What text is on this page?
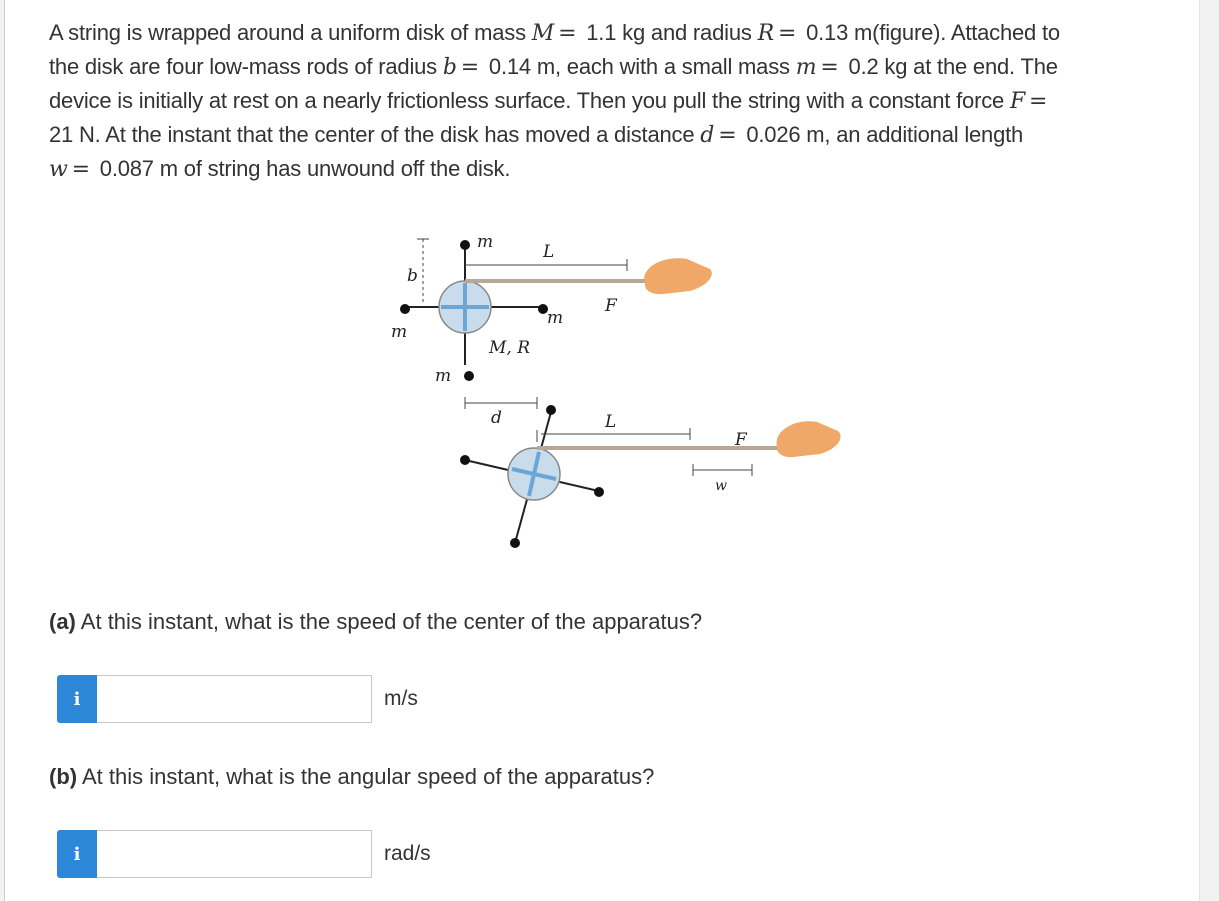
A string is wrapped around a uniform disk of mass M = 1.1 kg and radius R = 0.13 m(figure). Attached to

the disk are four low-mass rods of radius b = 0.14 m, each with a small mass m = 0.2 kg at the end. The

device is initially at rest on a nearly frictionless surface. Then you pull the string with a constant force F =

21 N. At the instant that the center of the disk has moved a distance d = 0.026 m, an additional length

w = 0.087 m of string has unwound off the disk.

b
L
m
m
m
m
F
M, R
d	L
w
F
(a) At this instant, what is the speed of the center of the apparatus?
i	m/s
(b) At this instant, what is the angular speed of the apparatus?
i	rad/s
